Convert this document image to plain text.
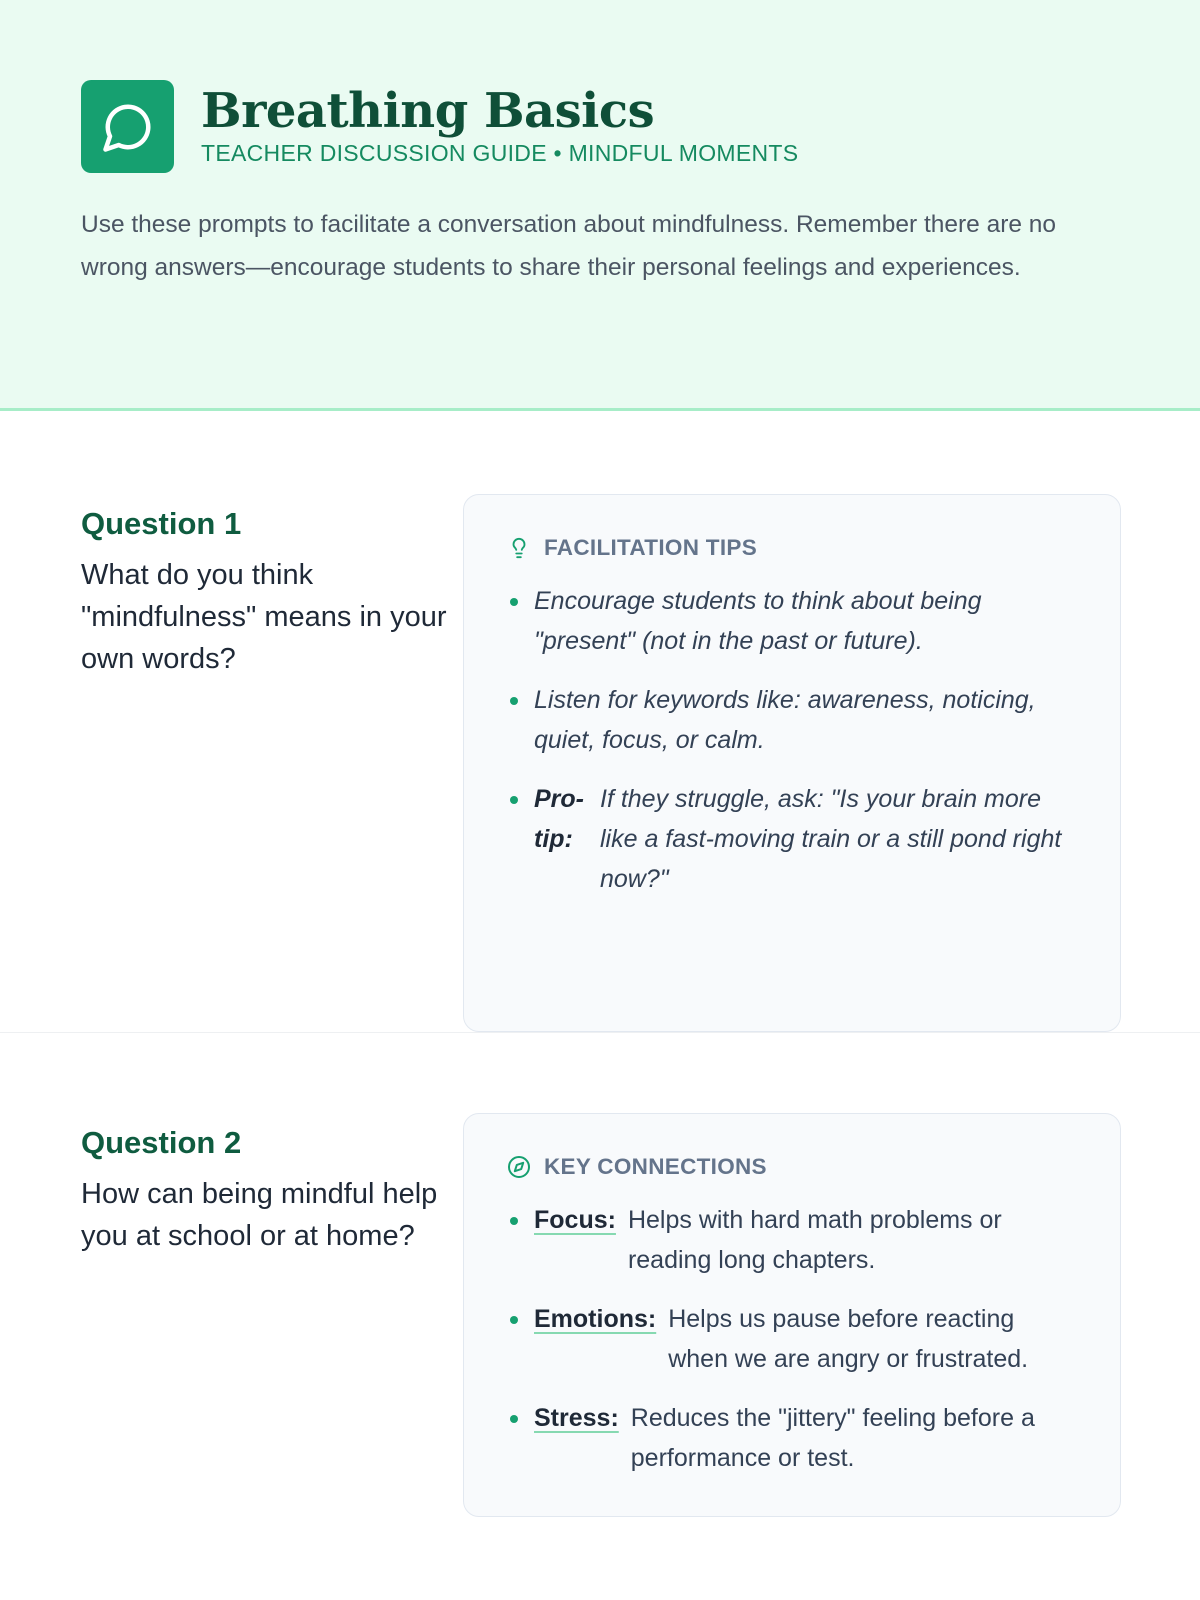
Breathing Basics
TEACHER DISCUSSION GUIDE • MINDFUL MOMENTS
Use these prompts to facilitate a conversation about mindfulness. Remember there are no wrong answers—encourage students to share their personal feelings and experiences.
Question 1
What do you think "mindfulness" means in your own words?
FACILITATION TIPS
Encourage students to think about being "present" (not in the past or future).
Listen for keywords like: awareness, noticing, quiet, focus, or calm.
Pro-tip:
If they struggle, ask: "Is your brain more like a fast-moving train or a still pond right now?"
Question 2
How can being mindful help you at school or at home?
KEY CONNECTIONS
Focus: Helps with hard math problems or reading long chapters.
Emotions: Helps us pause before reacting when we are angry or frustrated.
Stress: Reduces the "jittery" feeling before a performance or test.
